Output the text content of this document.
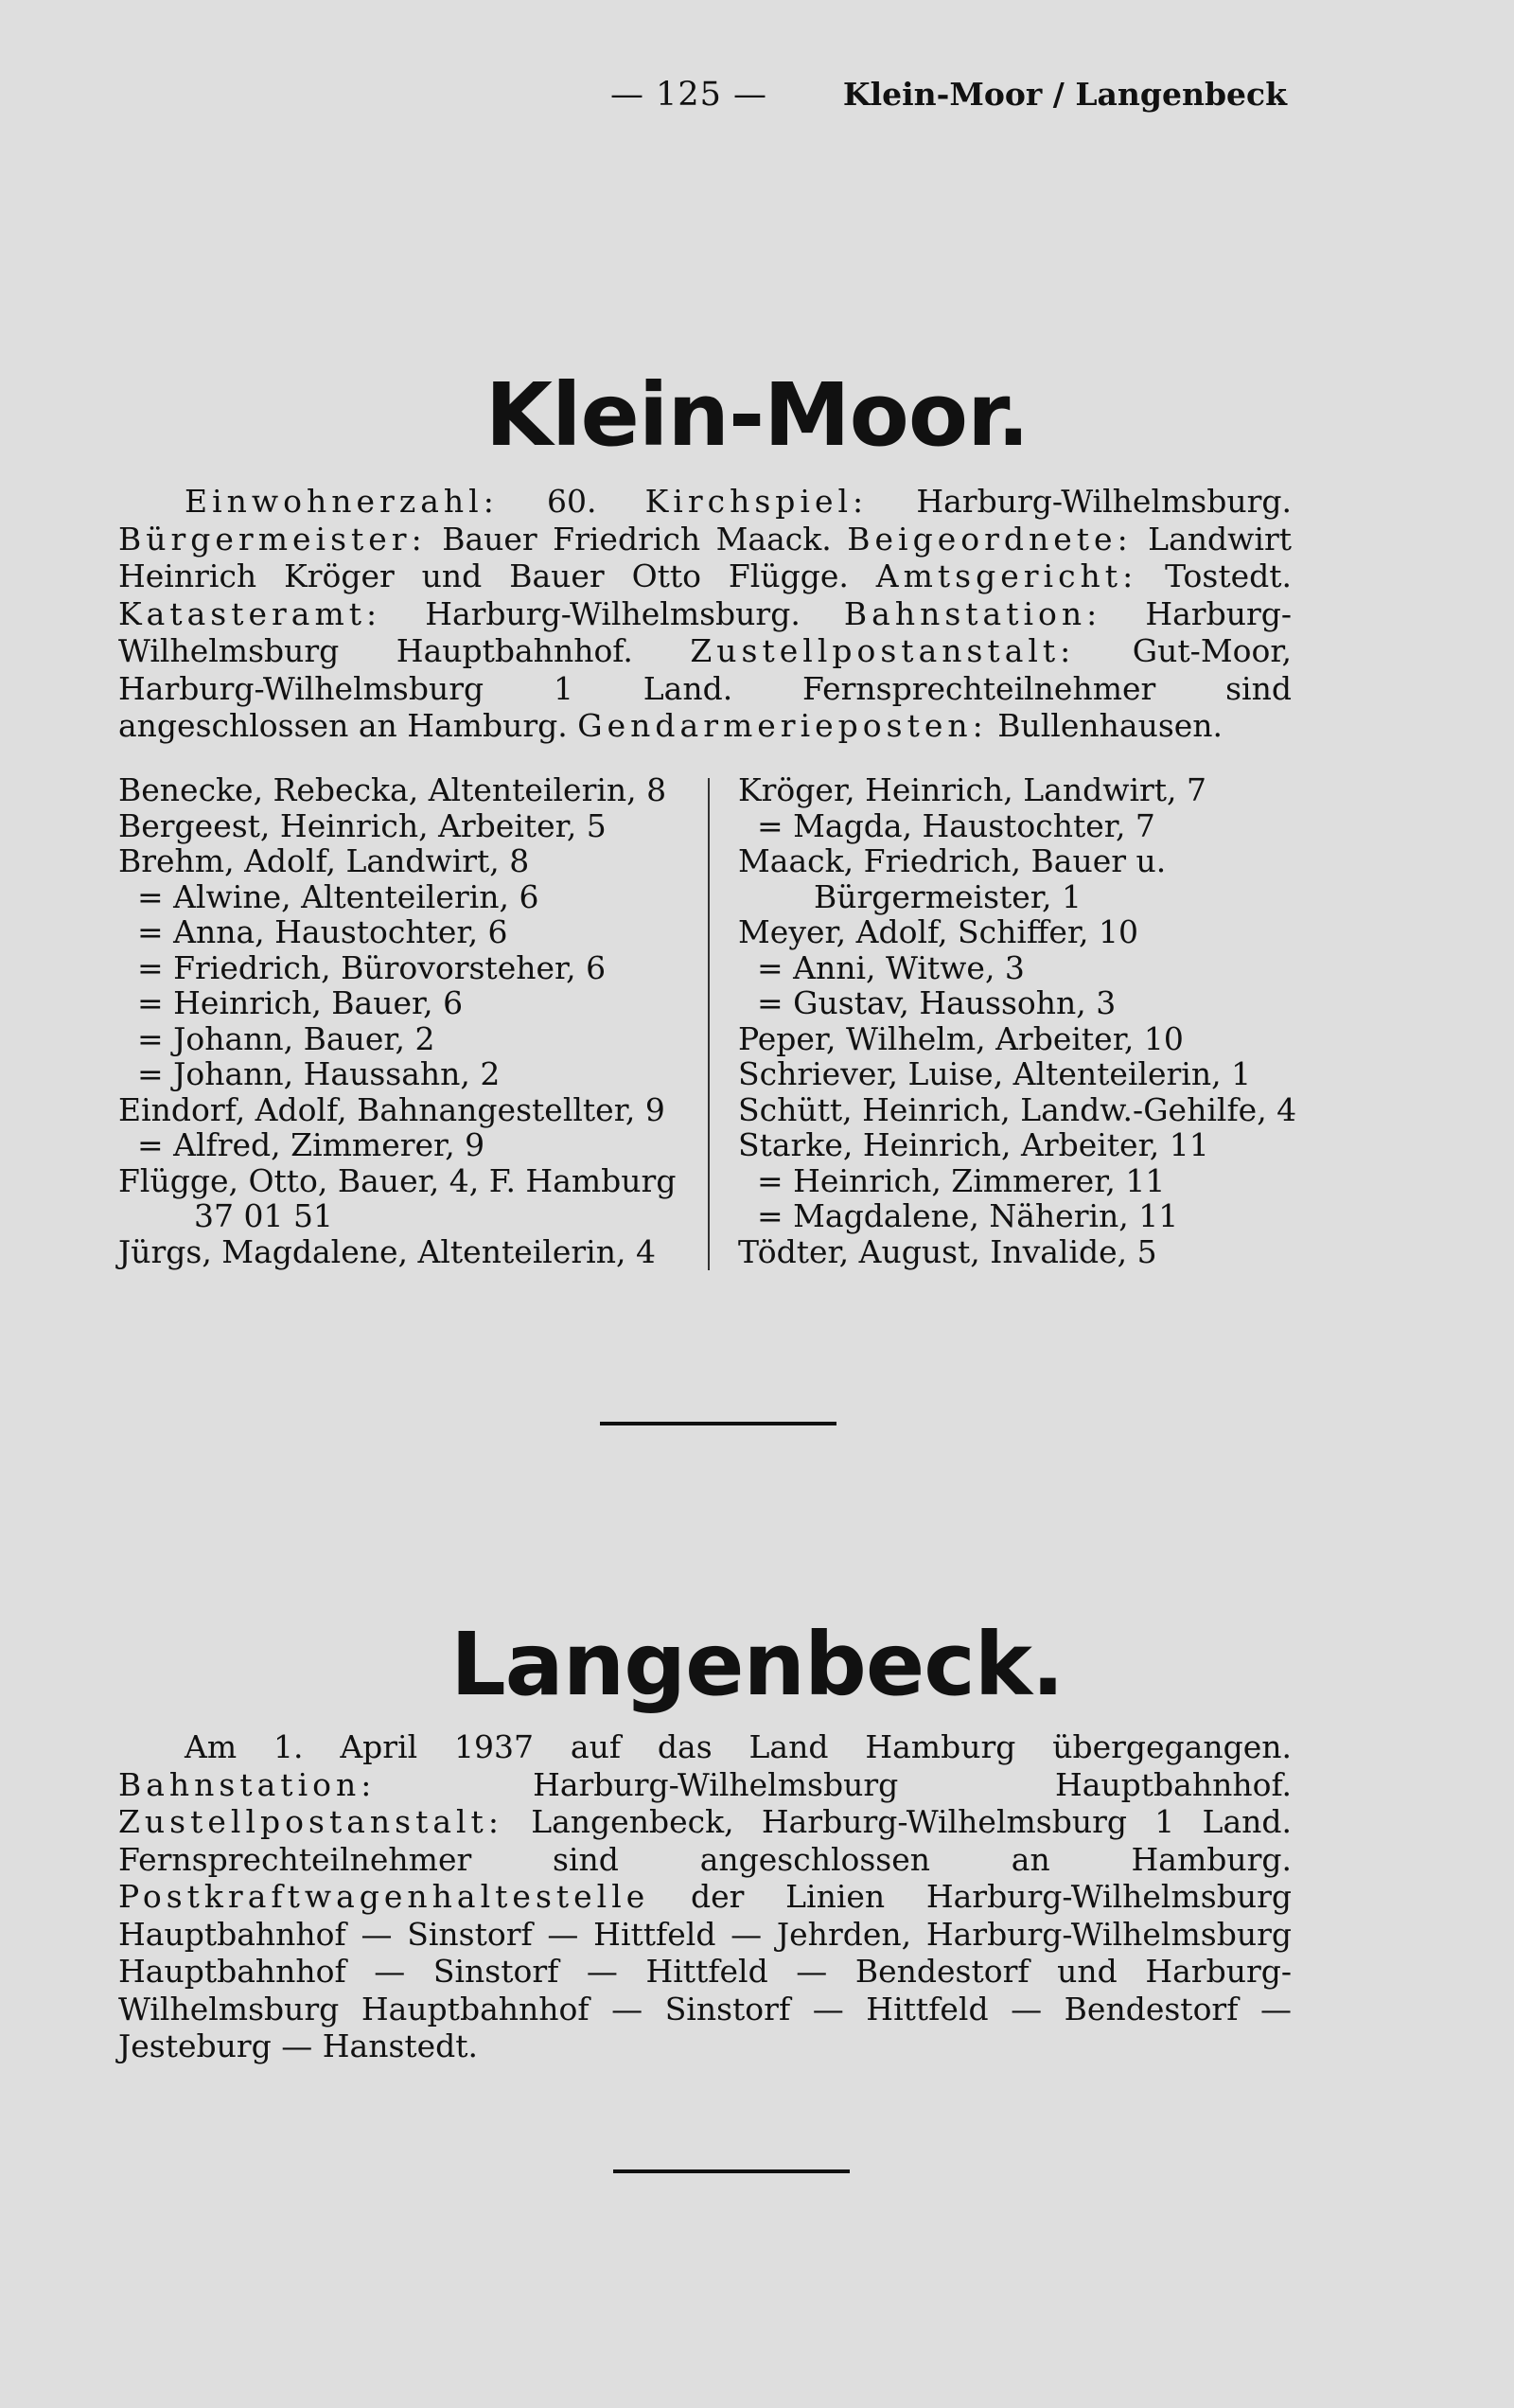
— 125 — Klein-Moor / Langenbeck
Klein-Moor.

Einwohnerzahl: 60. Kirchspiel: Harburg-Wilhelmsburg. Bürgermeister: Bauer Friedrich Maack. Beigeordnete: Landwirt Heinrich Kröger und Bauer Otto Flügge. Amtsgericht: Tostedt. Katasteramt: Harburg-Wilhelmsburg. Bahnstation: Harburg-Wilhelmsburg Hauptbahnhof. Zustellpostanstalt: Gut-Moor, Harburg-Wilhelmsburg 1 Land. Fernsprechteilnehmer sind angeschlossen an Hamburg. Gendarmerieposten: Bullenhausen.

Benecke, Rebecka, Altenteilerin, 8
Bergeest, Heinrich, Arbeiter, 5
Brehm, Adolf, Landwirt, 8
= Alwine, Altenteilerin, 6
= Anna, Haustochter, 6
= Friedrich, Bürovorsteher, 6
= Heinrich, Bauer, 6
= Johann, Bauer, 2
= Johann, Haussahn, 2
Eindorf, Adolf, Bahnangestellter, 9
= Alfred, Zimmerer, 9
Flügge, Otto, Bauer, 4, F. Hamburg 37 01 51
Jürgs, Magdalene, Altenteilerin, 4
Kröger, Heinrich, Landwirt, 7
= Magda, Haustochter, 7
Maack, Friedrich, Bauer u. Bürgermeister, 1
Meyer, Adolf, Schiffer, 10
= Anni, Witwe, 3
= Gustav, Haussohn, 3
Peper, Wilhelm, Arbeiter, 10
Schriever, Luise, Altenteilerin, 1
Schütt, Heinrich, Landw.-Gehilfe, 4
Starke, Heinrich, Arbeiter, 11
= Heinrich, Zimmerer, 11
= Magdalene, Näherin, 11
Tödter, August, Invalide, 5
Langenbeck.

Am 1. April 1937 auf das Land Hamburg übergegangen. Bahnstation: Harburg-Wilhelmsburg Hauptbahnhof. Zustellpostanstalt: Langenbeck, Harburg-Wilhelmsburg 1 Land. Fernsprechteilnehmer sind angeschlossen an Hamburg. Postkraftwagenhaltestelle der Linien Harburg-Wilhelmsburg Hauptbahnhof — Sinstorf — Hittfeld — Jehrden, Harburg-Wilhelmsburg Hauptbahnhof — Sinstorf — Hittfeld — Bendestorf und Harburg-Wilhelmsburg Hauptbahnhof — Sinstorf — Hittfeld — Bendestorf — Jesteburg — Hanstedt.
